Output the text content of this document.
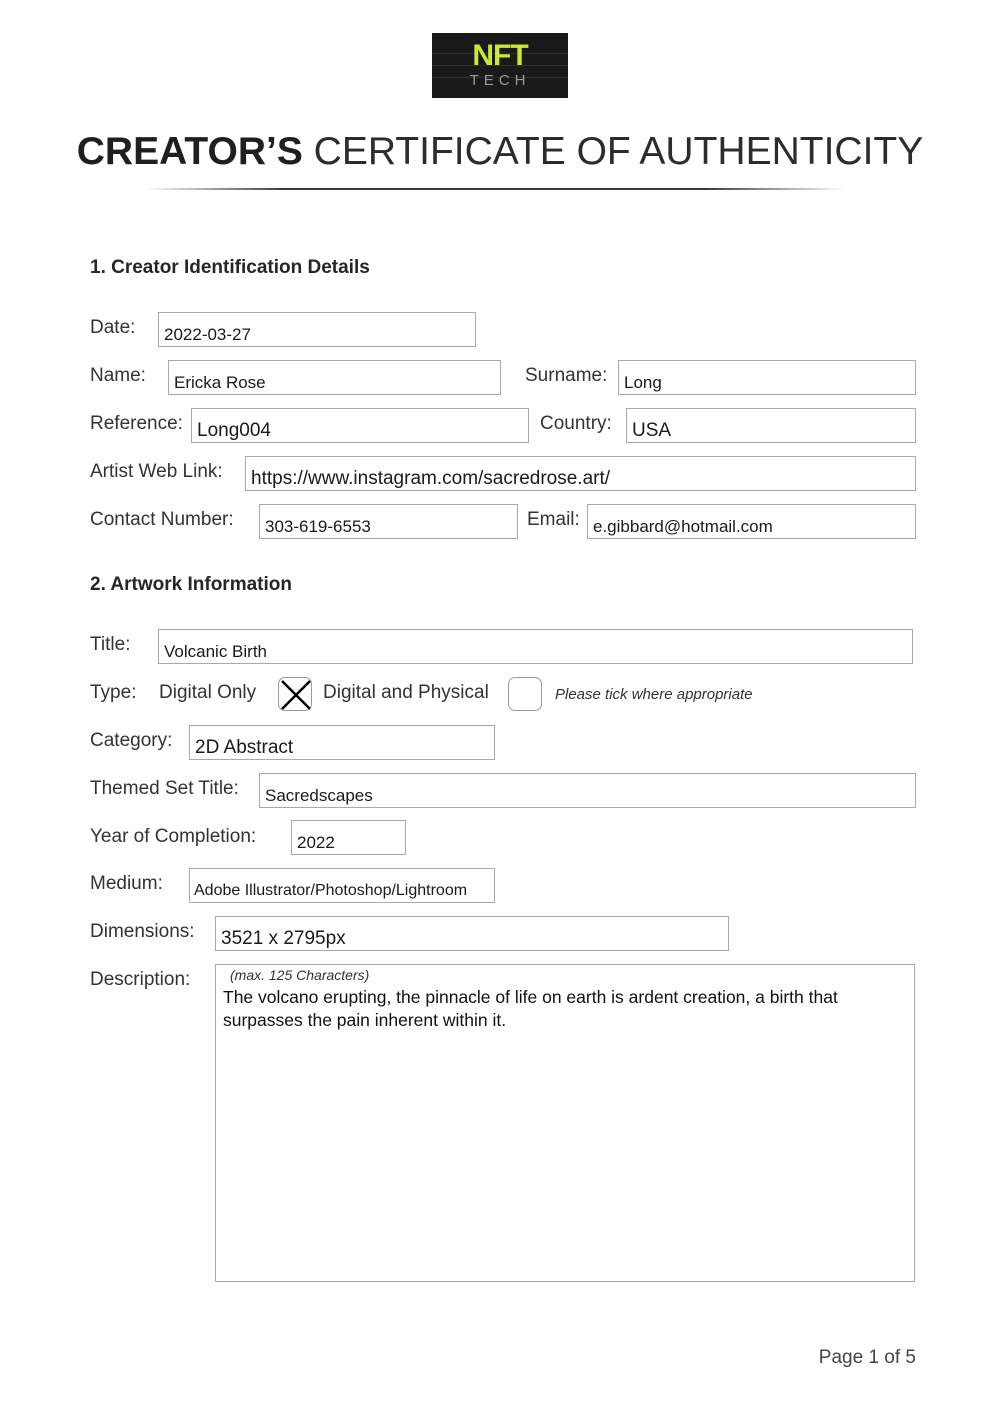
NFT
TECH
CREATOR’S CERTIFICATE OF AUTHENTICITY
1. Creator Identification Details
Date:	2022-03-27
Name:	Ericka Rose	Surname: Long
Reference: Long004	Country:	USA
Artist Web Link:	https://www.instagram.com/sacredrose.art/
Contact Number:	303-619-6553	Email: e.gibbard@hotmail.com
2. Artwork Information
Title:	Volcanic Birth
Type: Digital Only	Digital and Physical	Please tick where appropriate
Category:	2D Abstract
Themed Set Title:	Sacredscapes
Year of Completion:	2022
Medium:	Adobe Illustrator/Photoshop/Lightroom
Dimensions:	3521 x 2795px
Description:	(max. 125 Characters)
The volcano erupting, the pinnacle of life on earth is ardent creation, a birth that surpasses the pain inherent within it.
Page 1 of 5
